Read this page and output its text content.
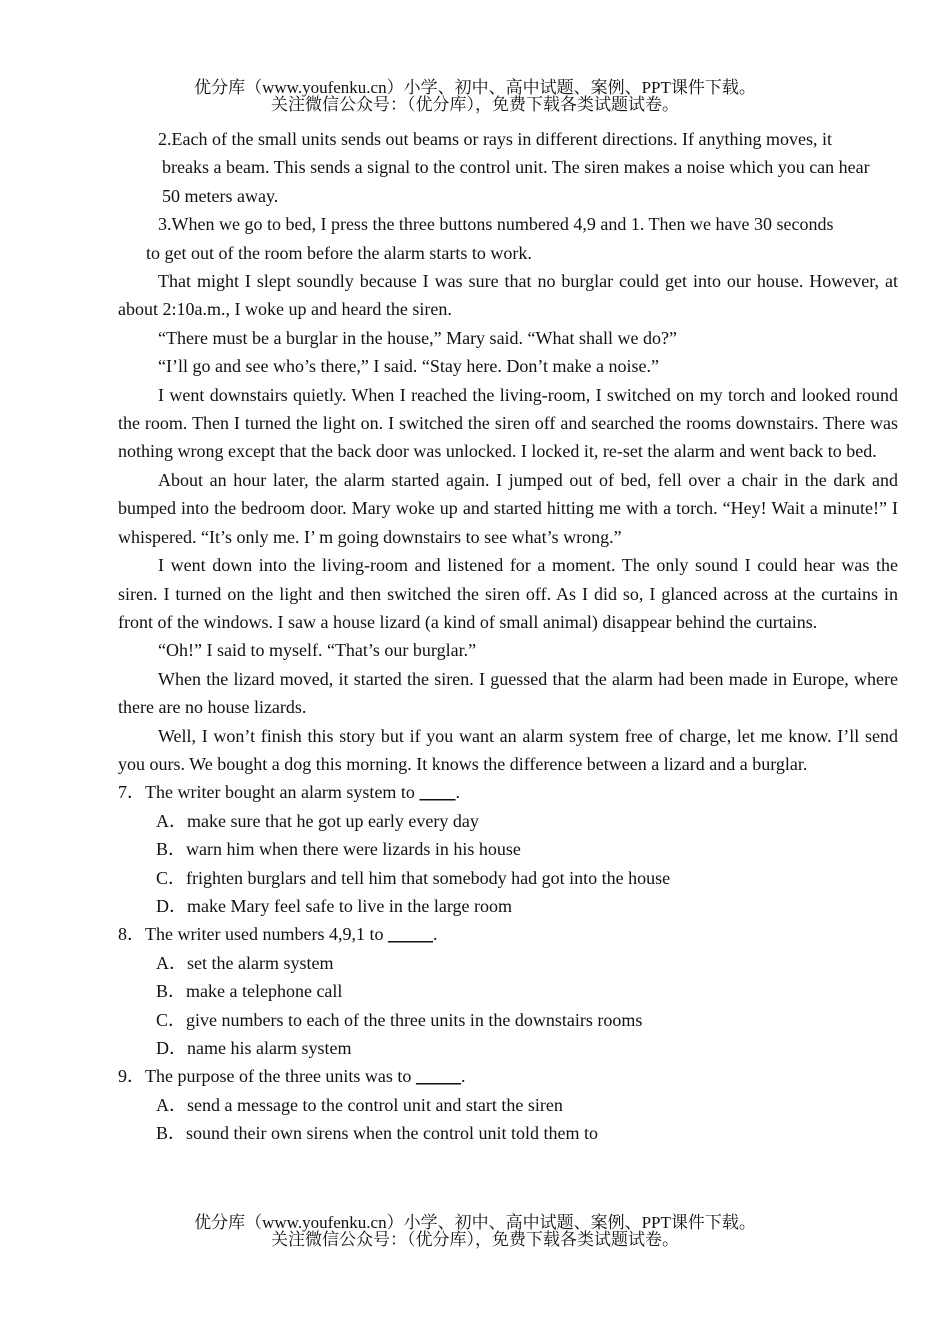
优分库（www.youfenku.cn）小学、初中、高中试题、案例、PPT课件下载。
关注微信公众号：（优分库），免费下载各类试题试卷。
2.Each of the small units sends out beams or rays in different directions. If anything moves, it
breaks a beam. This sends a signal to the control unit. The siren makes a noise which you can hear 50 meters away.
3.When we go to bed, I press the three buttons numbered 4,9 and 1. Then we have 30 seconds
to get out of the room before the alarm starts to work.

That might I slept soundly because I was sure that no burglar could get into our house. However, at about 2:10a.m., I woke up and heard the siren.

“There must be a burglar in the house,” Mary said. “What shall we do?”

“I’ll go and see who’s there,” I said. “Stay here. Don’t make a noise.”

I went downstairs quietly. When I reached the living-room, I switched on my torch and looked round the room. Then I turned the light on. I switched the siren off and searched the rooms downstairs. There was nothing wrong except that the back door was unlocked. I locked it, re-set the alarm and went back to bed.

About an hour later, the alarm started again. I jumped out of bed, fell over a chair in the dark and bumped into the bedroom door. Mary woke up and started hitting me with a torch. “Hey! Wait a minute!” I whispered. “It’s only me. I’ m going downstairs to see what’s wrong.”

I went down into the living-room and listened for a moment. The only sound I could hear was the siren. I turned on the light and then switched the siren off. As I did so, I glanced across at the curtains in front of the windows. I saw a house lizard (a kind of small animal) disappear behind the curtains.

“Oh!” I said to myself. “That’s our burglar.”

When the lizard moved, it started the siren. I guessed that the alarm had been made in Europe, where there are no house lizards.

Well, I won’t finish this story but if you want an alarm system free of charge, let me know. I’ll send you ours. We bought a dog this morning. It knows the difference between a lizard and a burglar.

7．The writer bought an alarm system to ____.

A．make sure that he got up early every day

B．warn him when there were lizards in his house

C．frighten burglars and tell him that somebody had got into the house

D．make Mary feel safe to live in the large room

8．The writer used numbers 4,9,1 to _____.

A．set the alarm system

B．make a telephone call

C．give numbers to each of the three units in the downstairs rooms

D．name his alarm system

9．The purpose of the three units was to _____.

A．send a message to the control unit and start the siren

B．sound their own sirens when the control unit told them to

优分库（www.youfenku.cn）小学、初中、高中试题、案例、PPT课件下载。
关注微信公众号：（优分库），免费下载各类试题试卷。
